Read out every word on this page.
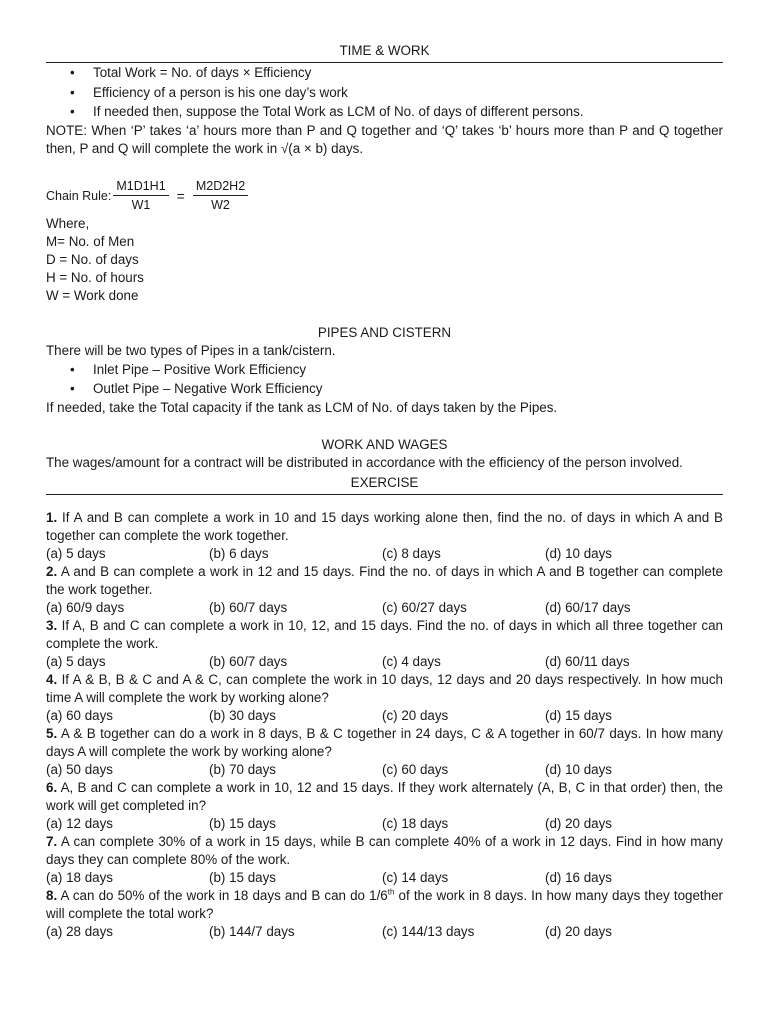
TIME & WORK

• Total Work = No. of days × Efficiency
• Efficiency of a person is his one day’s work
• If needed then, suppose the Total Work as LCM of No. of days of different persons.

NOTE: When ‘P’ takes ‘a’ hours more than P and Q together and ‘Q’ takes ‘b’ hours more than P and Q together then, P and Q will complete the work in √(a × b) days.

Chain Rule: $\frac{M1D1H1}{W1} = \frac{M2D2H2}{W2}$

Where,

M= No. of Men

D = No. of days

H = No. of hours

W = Work done

PIPES AND CISTERN

There will be two types of Pipes in a tank/cistern.

• Inlet Pipe – Positive Work Efficiency
• Outlet Pipe – Negative Work Efficiency

If needed, take the Total capacity if the tank as LCM of No. of days taken by the Pipes.

WORK AND WAGES

The wages/amount for a contract will be distributed in accordance with the efficiency of the person involved.

EXERCISE

1. If A and B can complete a work in 10 and 15 days working alone then, find the no. of days in which A and B together can complete the work together.

(a) 5 days	(b) 6 days	(c) 8 days	(d) 10 days

2. A and B can complete a work in 12 and 15 days. Find the no. of days in which A and B together can complete the work together.

(a) 60/9 days	(b) 60/7 days	(c) 60/27 days	(d) 60/17 days

3. If A, B and C can complete a work in 10, 12, and 15 days. Find the no. of days in which all three together can complete the work.

(a) 5 days	(b) 60/7 days	(c) 4 days	(d) 60/11 days

4. If A & B, B & C and A & C, can complete the work in 10 days, 12 days and 20 days respectively. In how much time A will complete the work by working alone?

(a) 60 days	(b) 30 days	(c) 20 days	(d) 15 days

5. A & B together can do a work in 8 days, B & C together in 24 days, C & A together in 60/7 days. In how many days A will complete the work by working alone?

(a) 50 days	(b) 70 days	(c) 60 days	(d) 10 days

6. A, B and C can complete a work in 10, 12 and 15 days. If they work alternately (A, B, C in that order) then, the work will get completed in?

(a) 12 days	(b) 15 days	(c) 18 days	(d) 20 days

7. A can complete 30% of a work in 15 days, while B can complete 40% of a work in 12 days. Find in how many days they can complete 80% of the work.

(a) 18 days	(b) 15 days	(c) 14 days	(d) 16 days

8. A can do 50% of the work in 18 days and B can do 1/6th of the work in 8 days. In how many days they together will complete the total work?

(a) 28 days	(b) 144/7 days	(c) 144/13 days	(d) 20 days
